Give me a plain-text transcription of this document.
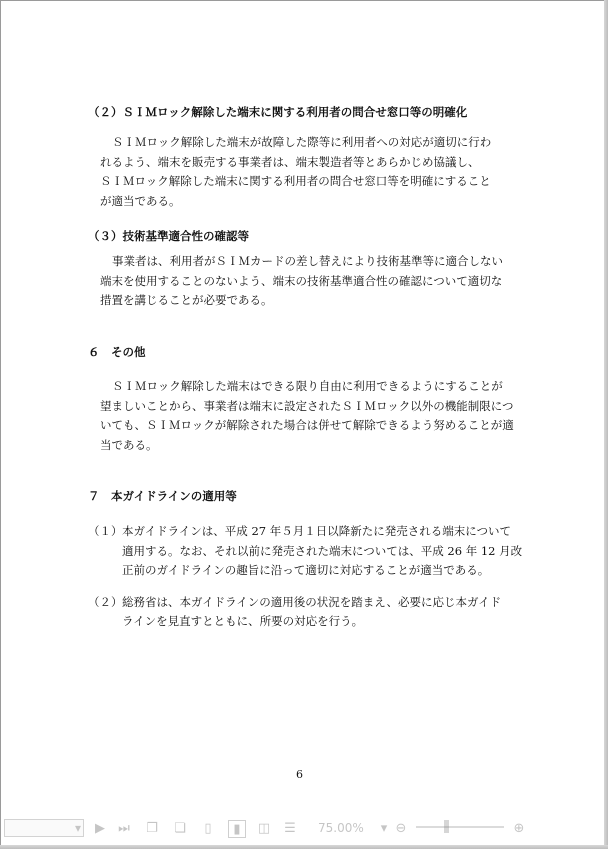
（２）ＳＩＭロック解除した端末に関する利用者の問合せ窓口等の明確化

ＳＩＭロック解除した端末が故障した際等に利用者への対応が適切に行わ
れるよう、端末を販売する事業者は、端末製造者等とあらかじめ協議し、
ＳＩＭロック解除した端末に関する利用者の問合せ窓口等を明確にすること
が適当である。

（３）技術基準適合性の確認等

事業者は、利用者がＳＩＭカードの差し替えにより技術基準等に適合しない
端末を使用することのないよう、端末の技術基準適合性の確認について適切な
措置を講じることが必要である。

６　その他

ＳＩＭロック解除した端末はできる限り自由に利用できるようにすることが
望ましいことから、事業者は端末に設定されたＳＩＭロック以外の機能制限につ
いても、ＳＩＭロックが解除された場合は併せて解除できるよう努めることが適
当である。

７　本ガイドラインの適用等

（１） 本ガイドラインは、平成 27 年５月１日以降新たに発売される端末について
適用する。なお、それ以前に発売された端末については、平成 26 年 12 月改
正前のガイドラインの趣旨に沿って適切に対応することが適当である。
（２） 総務省は、本ガイドラインの適用後の状況を踏まえ、必要に応じ本ガイド
ラインを見直すとともに、所要の対応を行う。
6
▾ ▶ ⏭ ❐ ❏	▯	▮	◫ ☰ 75.00%	▾ ⊖	⊕
